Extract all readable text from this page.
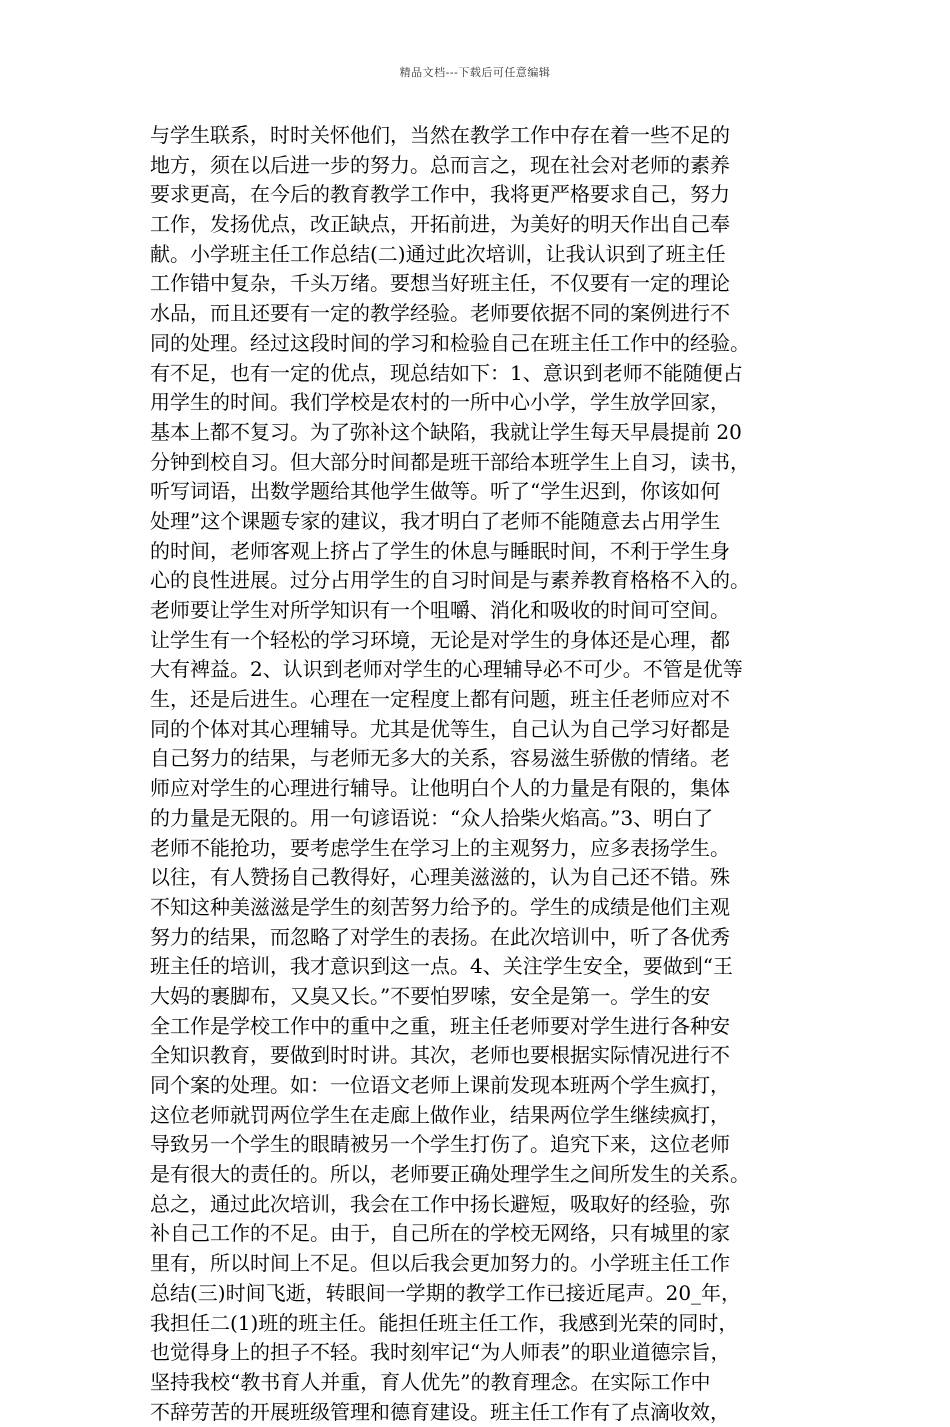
精品文档---下载后可任意编辑
与学生联系，时时关怀他们，当然在教学工作中存在着一些不足的
地方，须在以后进一步的努力。总而言之，现在社会对老师的素养
要求更高，在今后的教育教学工作中，我将更严格要求自己，努力
工作，发扬优点，改正缺点，开拓前进，为美好的明天作出自己奉
献。小学班主任工作总结(二)通过此次培训，让我认识到了班主任
工作错中复杂，千头万绪。要想当好班主任，不仅要有一定的理论
水品，而且还要有一定的教学经验。老师要依据不同的案例进行不
同的处理。经过这段时间的学习和检验自己在班主任工作中的经验。
有不足，也有一定的优点，现总结如下：1、意识到老师不能随便占
用学生的时间。我们学校是农村的一所中心小学，学生放学回家，
基本上都不复习。为了弥补这个缺陷，我就让学生每天早晨提前 20
分钟到校自习。但大部分时间都是班干部给本班学生上自习，读书，
听写词语，出数学题给其他学生做等。听了“学生迟到，你该如何
处理”这个课题专家的建议，我才明白了老师不能随意去占用学生
的时间，老师客观上挤占了学生的休息与睡眠时间，不利于学生身
心的良性进展。过分占用学生的自习时间是与素养教育格格不入的。
老师要让学生对所学知识有一个咀嚼、消化和吸收的时间可空间。
让学生有一个轻松的学习环境，无论是对学生的身体还是心理，都
大有裨益。2、认识到老师对学生的心理辅导必不可少。不管是优等
生，还是后进生。心理在一定程度上都有问题，班主任老师应对不
同的个体对其心理辅导。尤其是优等生，自己认为自己学习好都是
自己努力的结果，与老师无多大的关系，容易滋生骄傲的情绪。老
师应对学生的心理进行辅导。让他明白个人的力量是有限的，集体
的力量是无限的。用一句谚语说：“众人拾柴火焰高。”3、明白了
老师不能抢功，要考虑学生在学习上的主观努力，应多表扬学生。
以往，有人赞扬自己教得好，心理美滋滋的，认为自己还不错。殊
不知这种美滋滋是学生的刻苦努力给予的。学生的成绩是他们主观
努力的结果，而忽略了对学生的表扬。在此次培训中，听了各优秀
班主任的培训，我才意识到这一点。4、关注学生安全，要做到“王
大妈的裹脚布，又臭又长。”不要怕罗嗦，安全是第一。学生的安
全工作是学校工作中的重中之重，班主任老师要对学生进行各种安
全知识教育，要做到时时讲。其次，老师也要根据实际情况进行不
同个案的处理。如：一位语文老师上课前发现本班两个学生疯打，
这位老师就罚两位学生在走廊上做作业，结果两位学生继续疯打，
导致另一个学生的眼睛被另一个学生打伤了。追究下来，这位老师
是有很大的责任的。所以，老师要正确处理学生之间所发生的关系。
总之，通过此次培训，我会在工作中扬长避短，吸取好的经验，弥
补自己工作的不足。由于，自己所在的学校无网络，只有城里的家
里有，所以时间上不足。但以后我会更加努力的。小学班主任工作
总结(三)时间飞逝，转眼间一学期的教学工作已接近尾声。20_年，
我担任二(1)班的班主任。能担任班主任工作，我感到光荣的同时，
也觉得身上的担子不轻。我时刻牢记“为人师表”的职业道德宗旨，
坚持我校“教书育人并重，育人优先”的教育理念。在实际工作中
不辞劳苦的开展班级管理和德育建设。班主任工作有了点滴收效，
